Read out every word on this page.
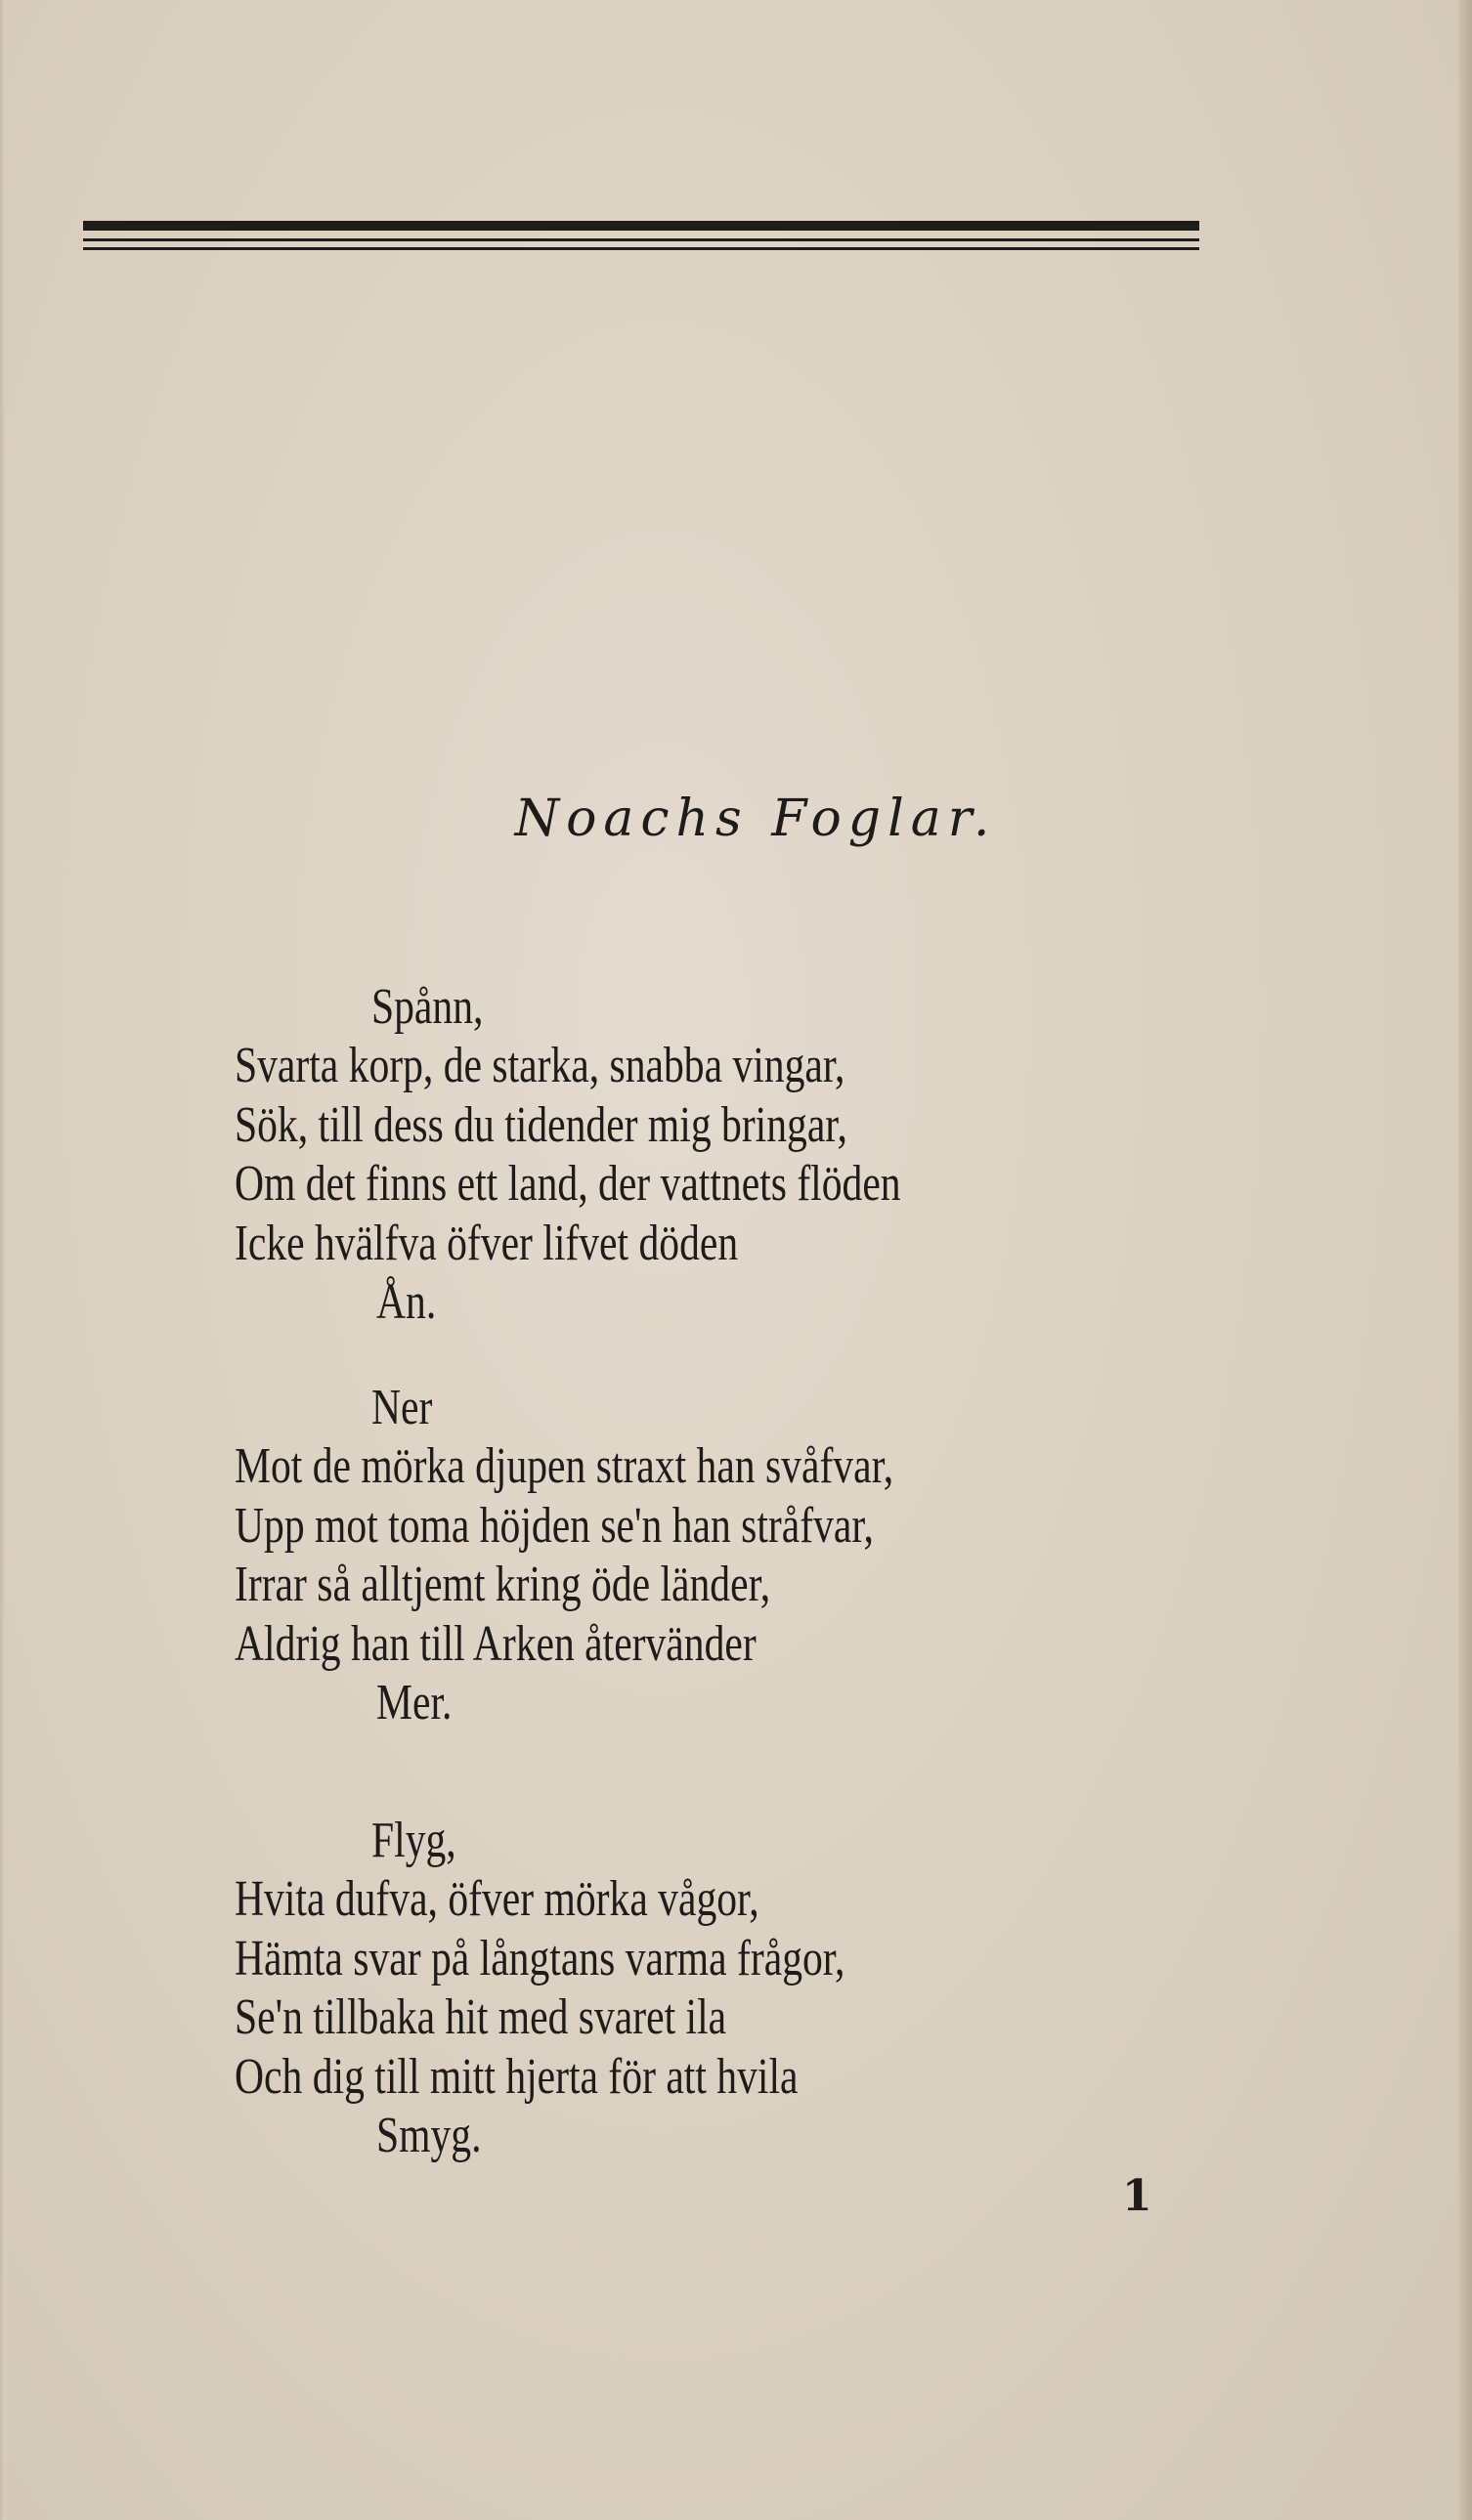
Noachs Foglar.
Spånn,
Svarta korp, de starka, snabba vingar,
Sök, till dess du tidender mig bringar,
Om det finns ett land, der vattnets flöden
Icke hvälfva öfver lifvet döden
Ån.
Ner
Mot de mörka djupen straxt han svåfvar,
Upp mot toma höjden se'n han stråfvar,
Irrar så alltjemt kring öde länder,
Aldrig han till Arken återvänder
Mer.
Flyg,
Hvita dufva, öfver mörka vågor,
Hämta svar på långtans varma frågor,
Se'n tillbaka hit med svaret ila
Och dig till mitt hjerta för att hvila
Smyg.
1
